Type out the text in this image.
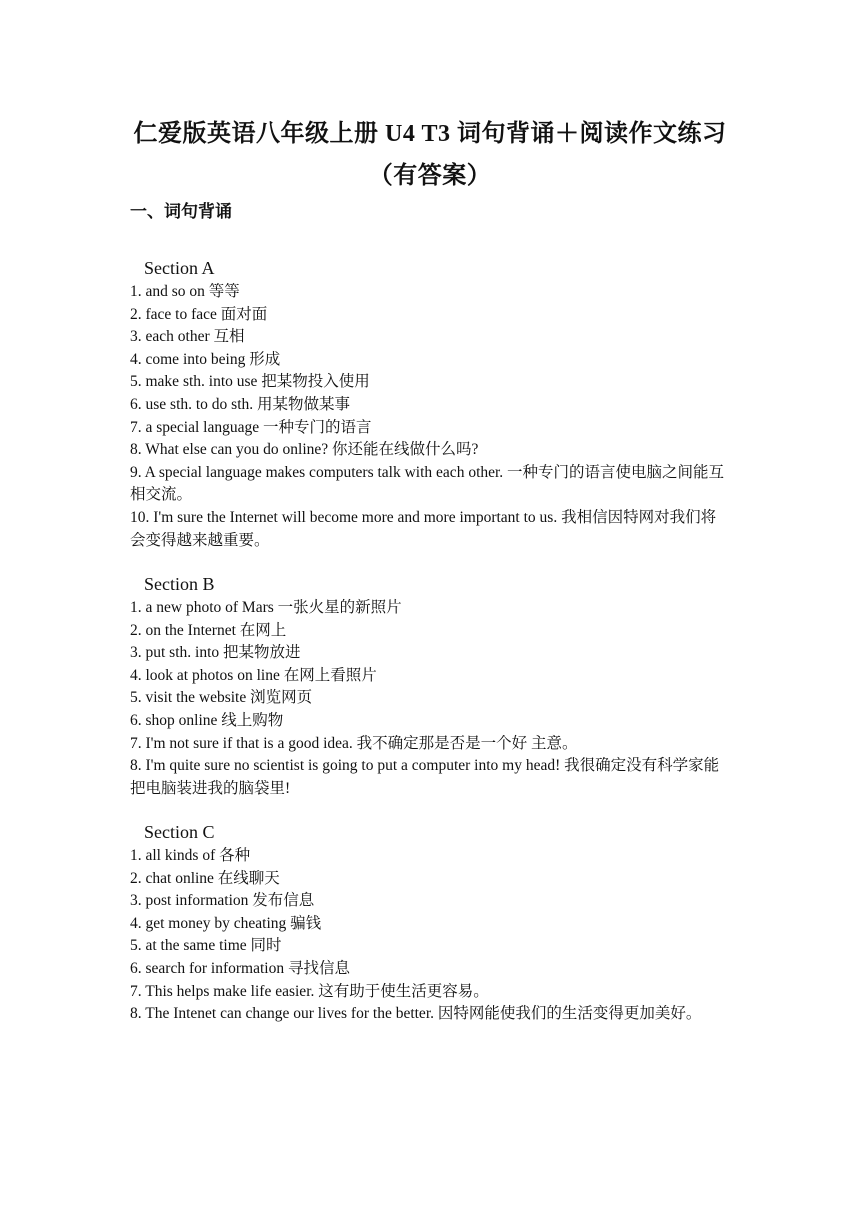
仁爱版英语八年级上册 U4 T3 词句背诵＋阅读作文练习
（有答案）
一、词句背诵
Section A

1. and so on 等等

2. face to face 面对面

3. each other 互相

4. come into being 形成

5. make sth. into use 把某物投入使用

6. use sth. to do sth. 用某物做某事

7. a special language 一种专门的语言

8. What else can you do online? 你还能在线做什么吗?

9. A special language makes computers talk with each other. 一种专门的语言使电脑之间能互相交流。

10. I'm sure the Internet will become more and more important to us. 我相信因特网对我们将会变得越来越重要。

Section B

1. a new photo of Mars 一张火星的新照片

2. on the Internet 在网上

3. put sth. into 把某物放进

4. look at photos on line 在网上看照片

5. visit the website 浏览网页

6. shop online 线上购物

7. I'm not sure if that is a good idea. 我不确定那是否是一个好 主意。

8. I'm quite sure no scientist is going to put a computer into my head! 我很确定没有科学家能把电脑装进我的脑袋里!

Section C

1. all kinds of 各种

2. chat online 在线聊天

3. post information 发布信息

4. get money by cheating 骗钱

5. at the same time 同时

6. search for information 寻找信息

7. This helps make life easier. 这有助于使生活更容易。

8. The Intenet can change our lives for the better. 因特网能使我们的生活变得更加美好。
